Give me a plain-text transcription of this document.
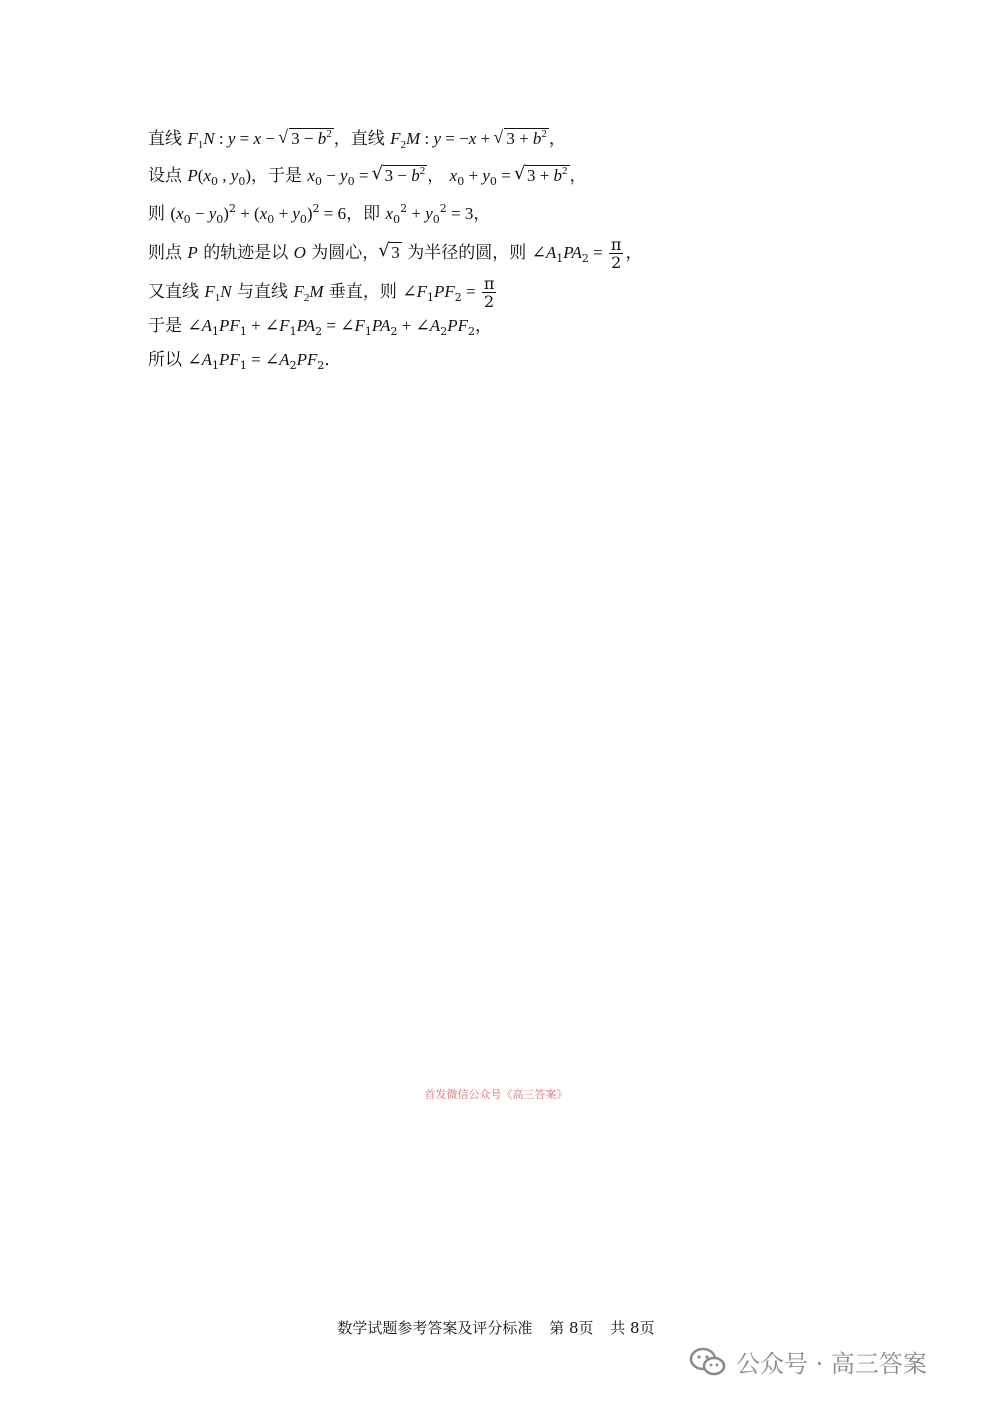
直线 $F_1N$ : y = x − √ $3 - b^2$ ，直线 $F_2M$ : y = −x + √ $3 + b^2$ ，
设点 $P(x_0$ , $y_0$)，于是 $x_0 - y_0$ = √ $3 - b^2$ ， $x_0 + y_0$ = √ $3 + b^2$ ，
则 $(x_0 - y_0)^2 + (x_0 + y_0)^2 = 6$，即 $x_0^2 + y_0^2 = 3$，
则点 P 的轨迹是以 O 为圆心，√ 3 为半径的圆，则 $\angle A_1PA_2 = \frac{\pi}{2}$ ，
又直线 $F_1N$ 与直线 $F_2M$ 垂直，则 $\angle F_1PF_2 = \frac{\pi}{2}$
于是 $\angle A_1PF_1$ + $\angle F_1PA_2$ = $\angle F_1PA_2$ + $\angle A_2PF_2$，
所以 $\angle A_1PF_1$ = $\angle A_2PF_2$．
首发微信公众号《高三答案》
数学试题参考答案及评分标准 第 8页 共 8页
公众号 · 高三答案
